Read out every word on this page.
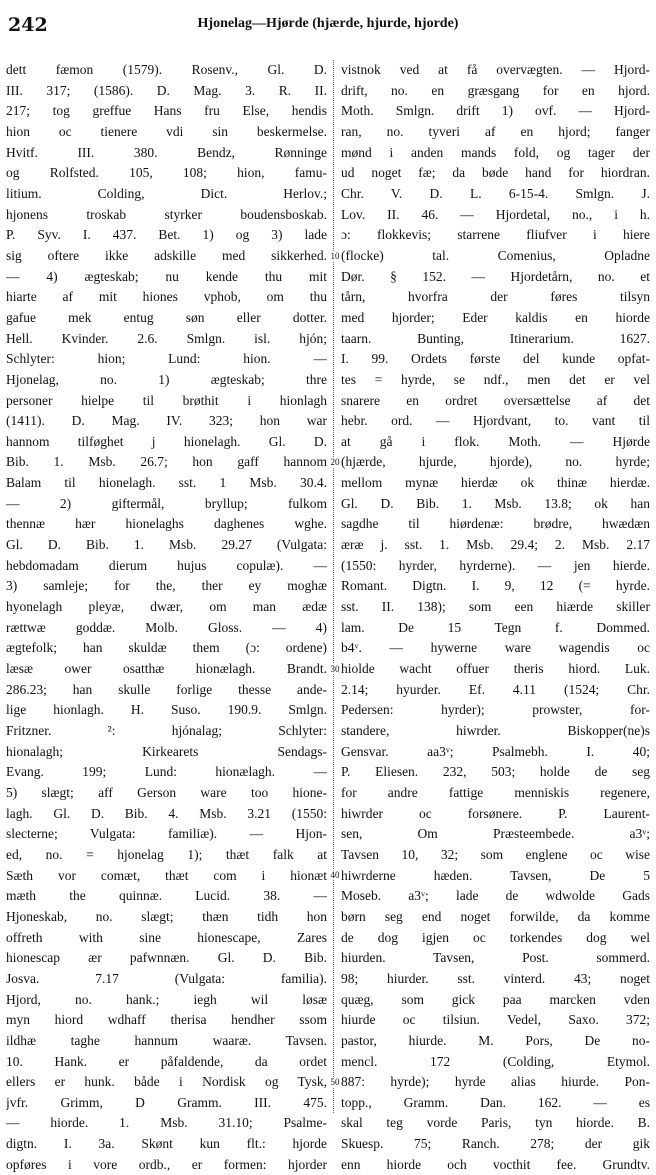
242	Hjonelag—Hjørde (hjærde, hjurde, hjorde)
dett fæmon (1579). Rosenv., Gl. D.
III. 317; (1586). D. Mag. 3. R. II.
217; tog greffue Hans fru Else, hendis
hion oc tienere vdi sin beskermelse.
Hvitf. III. 380. Bendz, Rønninge
og Rolfsted. 105, 108; hion, famu-
litium. Colding, Dict. Herlov.;
hjonens troskab styrker boudensboskab.
P. Syv. I. 437. Bet. 1) og 3) lade
sig oftere ikke adskille med sikkerhed.
— 4) ægteskab; nu kende thu mit
hiarte af mit hiones vphob, om thu
gafue mek entug søn eller dotter.
Hell. Kvinder. 2.6. Smlgn. isl. hjón;
Schlyter: hion; Lund: hion. —
Hjonelag, no. 1) ægteskab; thre
personer hielpe til brøthit i hionlagh
(1411). D. Mag. IV. 323; hon war
hannom tilføghet j hionelagh. Gl. D.
Bib. 1. Msb. 26.7; hon gaff hannom
Balam til hionelagh. sst. 1 Msb. 30.4.
— 2) giftermål, bryllup; fulkom
thennæ hær hionelaghs daghenes wghe.
Gl. D. Bib. 1. Msb. 29.27 (Vulgata:
hebdomadam dierum hujus copulæ). —
3) samleje; for the, ther ey moghæ
hyonelagh pleyæ, dwær, om man ædæ
rættwæ goddæ. Molb. Gloss. — 4)
ægtefolk; han skuldæ them (ɔ: ordene)
læsæ ower osatthæ hionælagh. Brandt.
286.23; han skulle forlige thesse ande-
lige hionlagh. H. Suso. 190.9. Smlgn.
Fritzner. ²: hjónalag; Schlyter:
hionalagh; Kirkearets Sendags-
Evang. 199; Lund: hionælagh. —
5) slægt; aff Gerson ware too hione-
lagh. Gl. D. Bib. 4. Msb. 3.21 (1550:
slecterne; Vulgata: familiæ). — Hjon-
ed, no. = hjonelag 1); thæt falk at
Sæth vor comæt, thæt com i hionæt
mæth the quinnæ. Lucid. 38. —
Hjoneskab, no. slægt; thæn tidh hon
offreth with sine hionescape, Zares
hionescap ær pafwnnæn. Gl. D. Bib.
Josva. 7.17 (Vulgata: familia).
Hjord, no. hank.; iegh wil løsæ
myn hiord wdhaff therisa hendher ssom
ildhæ taghe hannum waaræ. Tavsen.
10. Hank. er påfaldende, da ordet
ellers er hunk. både i Nordisk og Tysk,
jvfr. Grimm, D Gramm. III. 475.
— hiorde. 1. Msb. 31.10; Psalme-
digtn. I. 3a. Skønt kun flt.: hjorde
opføres i vore ordb., er formen: hjorder
vistnok ved at få overvægten. — Hjord-
drift, no. en græsgang for en hjord.
Moth. Smlgn. drift 1) ovf. — Hjord-
ran, no. tyveri af en hjord; fanger
mønd i anden mands fold, og tager der
ud noget fæ; da bøde hand for hiordran.
Chr. V. D. L. 6-15-4. Smlgn. J.
Lov. II. 46. — Hjordetal, no., i h.
ɔ: flokkevis; starrene fliufver i hiere
(flocke) tal. Comenius, Opladne
Dør. § 152. — Hjordetårn, no. et
tårn, hvorfra der føres tilsyn
med hjorder; Eder kaldis en hiorde
taarn. Bunting, Itinerarium. 1627.
I. 99. Ordets første del kunde opfat-
tes = hyrde, se ndf., men det er vel
snarere en ordret oversættelse af det
hebr. ord. — Hjordvant, to. vant til
at gå i flok. Moth. — Hjørde
(hjærde, hjurde, hjorde), no. hyrde;
mellom mynæ hierdæ ok thinæ hierdæ.
Gl. D. Bib. 1. Msb. 13.8; ok han
sagdhe til hiørdenæ: brødre, hwædæn
æræ j. sst. 1. Msb. 29.4; 2. Msb. 2.17
(1550: hyrder, hyrderne). — jen hierde.
Romant. Digtn. I. 9, 12 (= hyrde.
sst. II. 138); som een hiærde skiller
lam. De 15 Tegn f. Dommed.
b4ᵛ. — hywerne ware wagendis oc
hiolde wacht offuer theris hiord. Luk.
2.14; hyurder. Ef. 4.11 (1524; Chr.
Pedersen: hyrder); prowster, for-
standere, hiwrder. Biskopper(ne)s
Gensvar. aa3ᵛ; Psalmebh. I. 40;
P. Eliesen. 232, 503; holde de seg
for andre fattige menniskis regenere,
hiwrder oc forsønere. P. Laurent-
sen, Om Præsteembede. a3ᵛ;
Tavsen 10, 32; som englene oc wise
hiwrderne hæden. Tavsen, De 5
Moseb. a3ᵛ; lade de wdwolde Gads
børn seg end noget forwilde, da komme
de dog igjen oc torkendes dog wel
hiurden. Tavsen, Post. sommerd.
98; hiurder. sst. vinterd. 43; noget
quæg, som gick paa marcken vden
hiurde oc tilsiun. Vedel, Saxo. 372;
pastor, hiurde. M. Pors, De no-
mencl. 172 (Colding, Etymol.
887: hyrde); hyrde alias hiurde. Pon-
topp., Gramm. Dan. 162. — es
skal teg vorde Paris, tyn hiorde. B.
Skuesp. 75; Ranch. 278; der gik
enn hiorde och vocthit fee. Grundtv.
10
20
30
40
50
